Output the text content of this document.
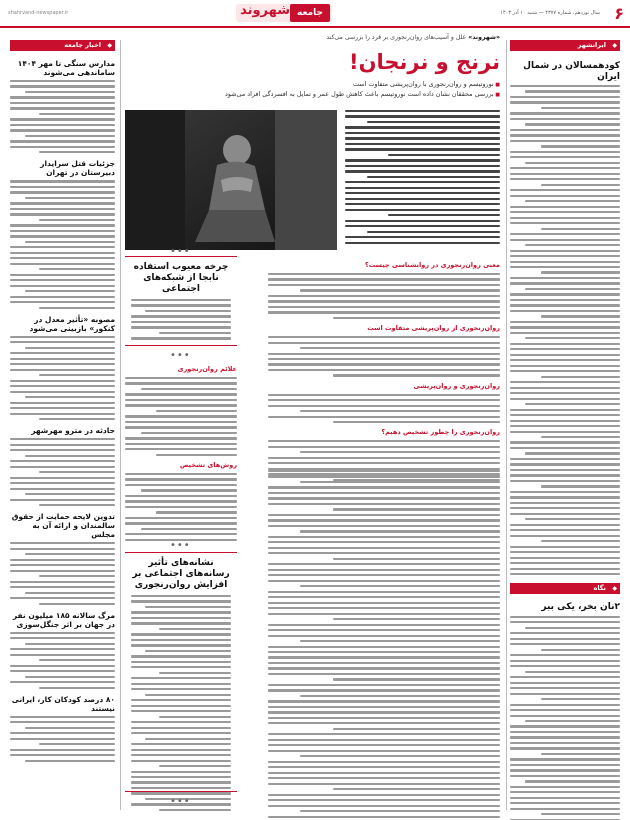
۶
سال نوزدهم، شماره ۴۳۷۷ — شنبه ۱۰ آذر ۱۴۰۳
جامعه
شهروند
shahrvand-newspaper.ir
ایرانشهر ◆
کودهمسالان در شمال ایران
نگاه ◆
۲نان بخر، یکی ببر
اخبار جامعه ◆
مدارس سنگی تا مهر ۱۴۰۴ ساماندهی می‌شوند
جزئیات قتل سرایدار دبیرستان در تهران
مصوبه «تأثیر معدل در کنکور» بازبینی می‌شود
حادثه در مترو مهرشهر
تدوین لایحه حمایت از حقوق سالمندان و ارائه آن به مجلس
مرگ سالانه ۱۸۵ میلیون نفر در جهان بر اثر جنگل‌سوزی
۸۰ درصد کودکان کار، ایرانی نیستند
«شهروند» علل و آسیب‌های روان‌رنجوری بر فرد را بررسی می‌کند
نرنج و نرنجان!
■ نوروتیسم و روان‌رنجوری با روان‌پریشی متفاوت است
■ بررسی محققان نشان داده است نوروتیسم باعث کاهش طول عمر و تمایل به افسردگی افراد می‌شود
معنی روان‌رنجوری در روانشناسی چیست؟
روان‌رنجوری از روان‌پریشی متفاوت است
روان‌رنجوری و روان‌پریشی
روان‌رنجوری را چطور تشخیص دهیم؟
چرخه معیوب استفاده نابجا از شبکه‌های اجتماعی
•••
•••
علائم روان‌رنجوری
روش‌های تشخیص
نشانه‌های تأثیر رسانه‌های اجتماعی بر افزایش روان‌رنجوری
•••
•••
